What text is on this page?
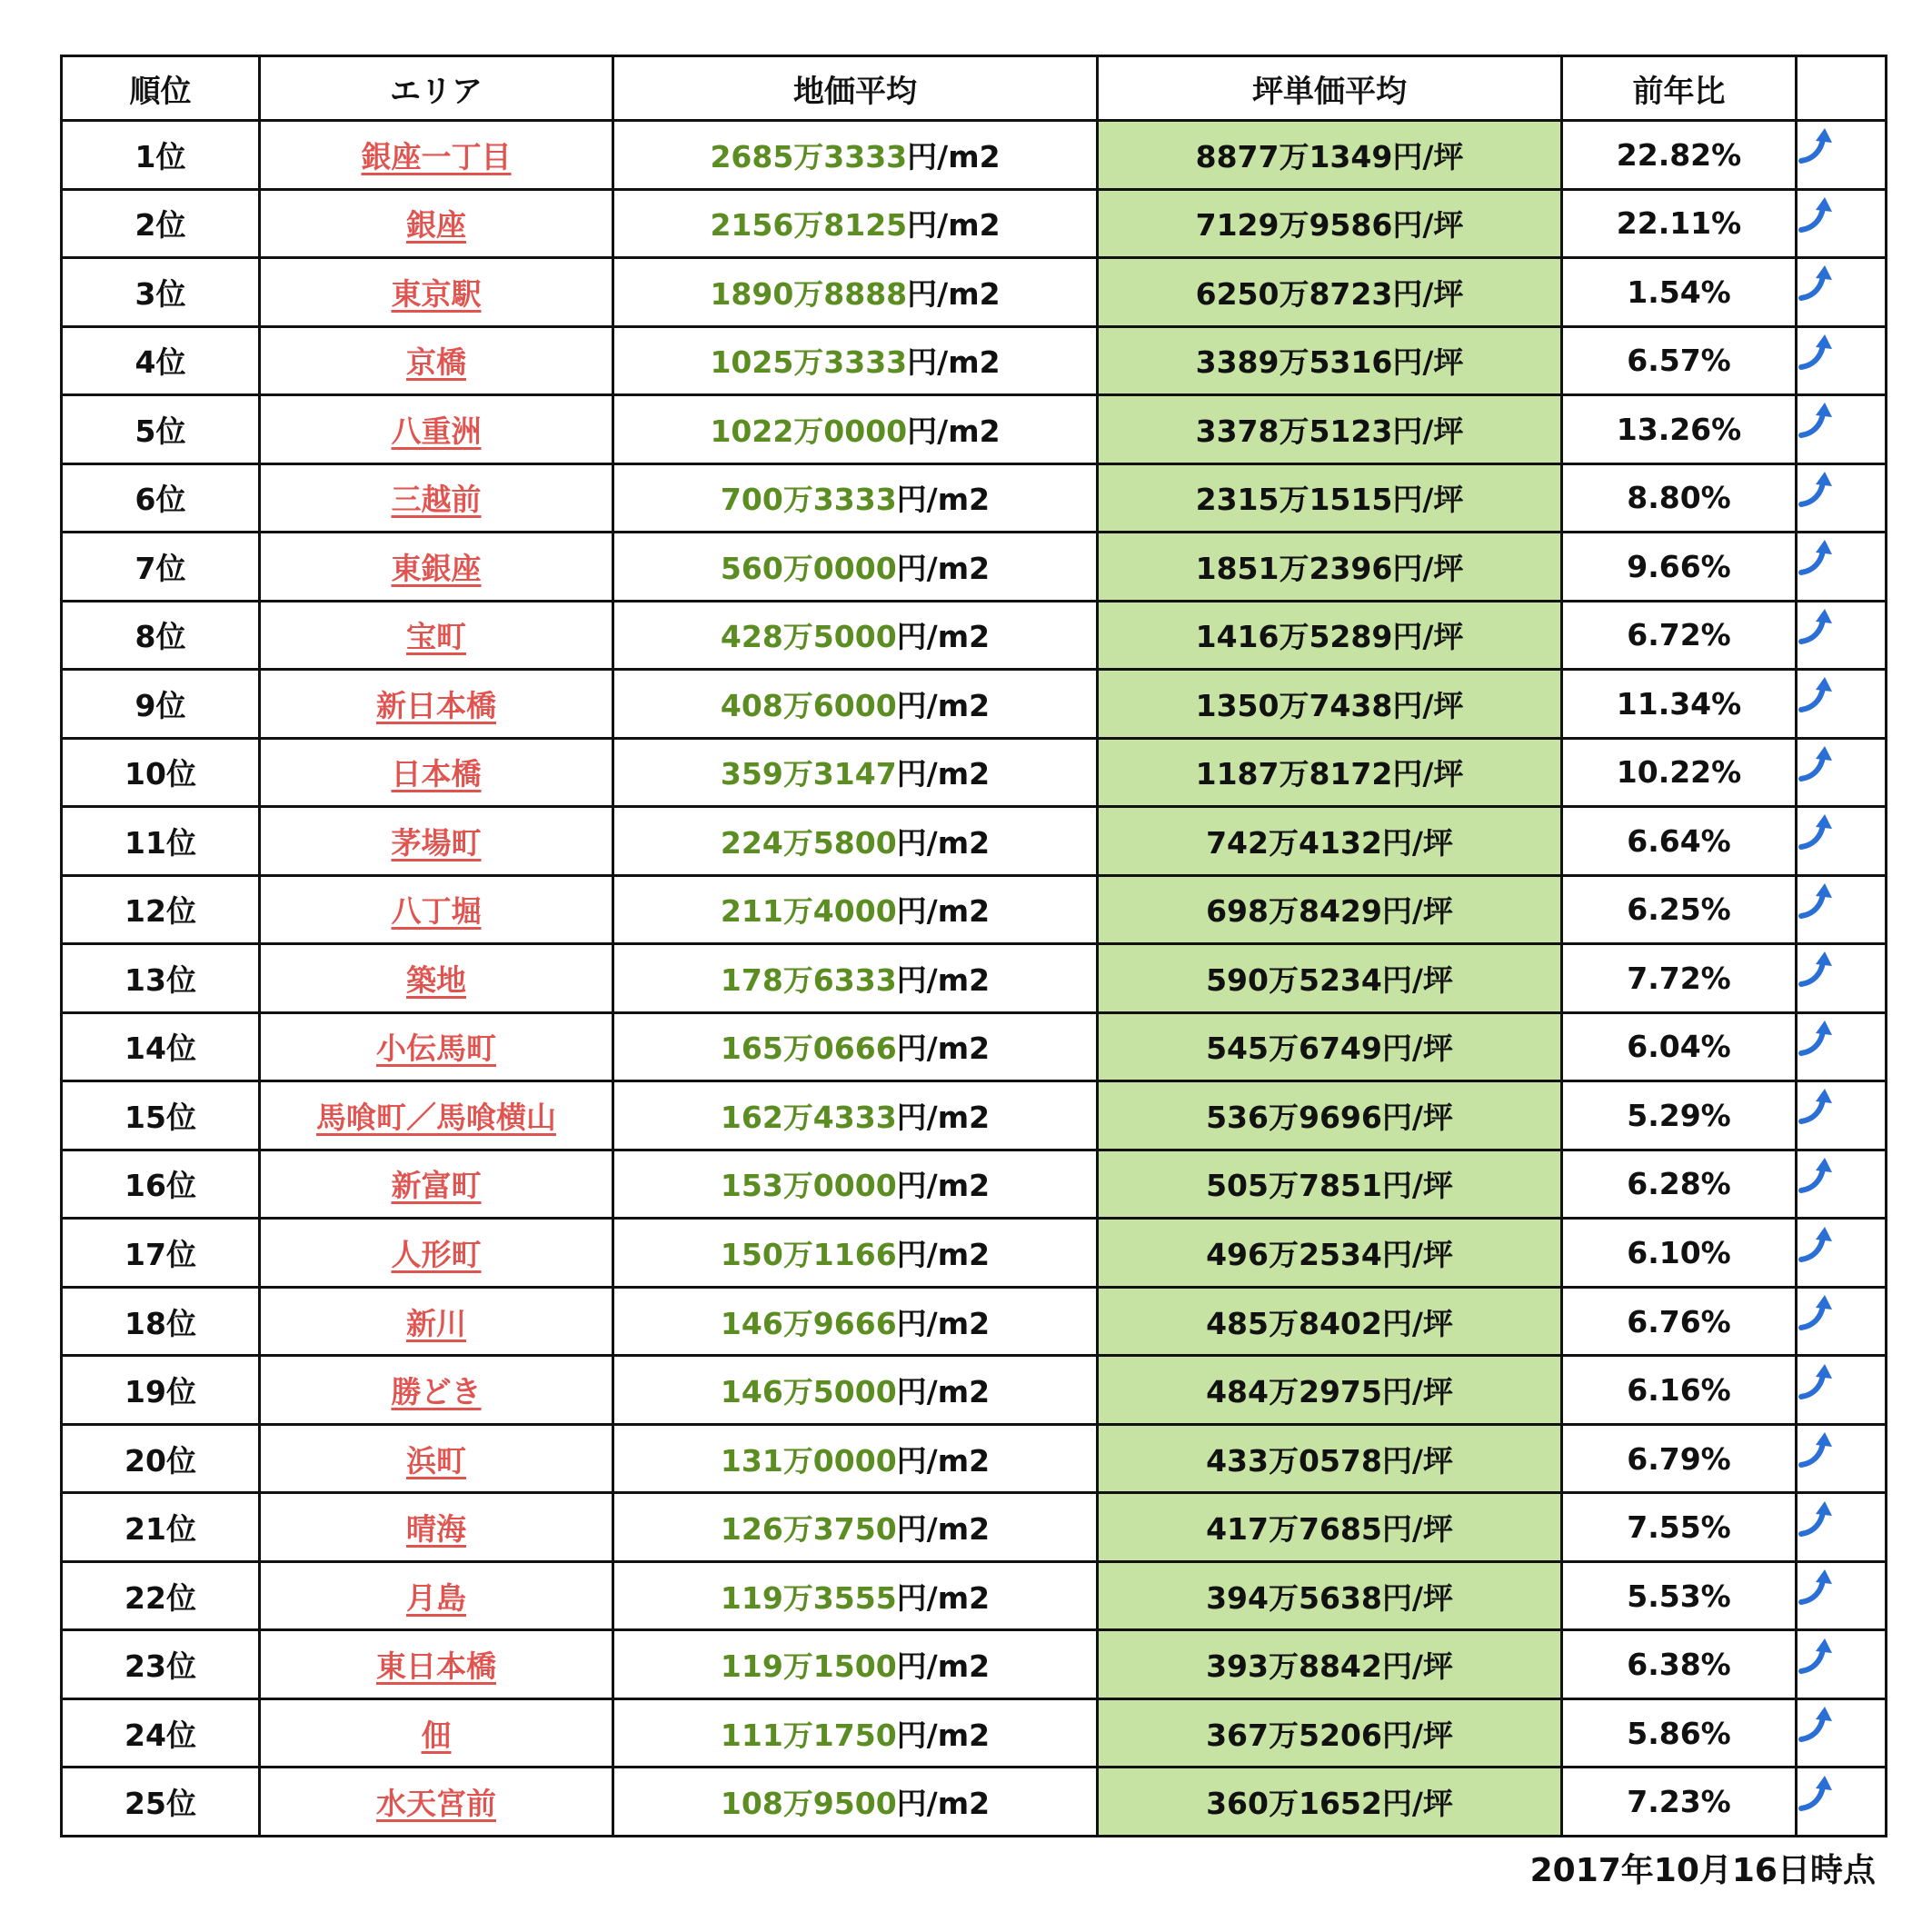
順位	エリア	地価平均	坪単価平均	前年比	
1位	銀座一丁目	2685万3333円/m2	8877万1349円/坪	22.82%	

2位	銀座	2156万8125円/m2	7129万9586円/坪	22.11%	

3位	東京駅	1890万8888円/m2	6250万8723円/坪	1.54%	

4位	京橋	1025万3333円/m2	3389万5316円/坪	6.57%	

5位	八重洲	1022万0000円/m2	3378万5123円/坪	13.26%	

6位	三越前	700万3333円/m2	2315万1515円/坪	8.80%	

7位	東銀座	560万0000円/m2	1851万2396円/坪	9.66%	

8位	宝町	428万5000円/m2	1416万5289円/坪	6.72%	

9位	新日本橋	408万6000円/m2	1350万7438円/坪	11.34%	

10位	日本橋	359万3147円/m2	1187万8172円/坪	10.22%	

11位	茅場町	224万5800円/m2	742万4132円/坪	6.64%	

12位	八丁堀	211万4000円/m2	698万8429円/坪	6.25%	

13位	築地	178万6333円/m2	590万5234円/坪	7.72%	

14位	小伝馬町	165万0666円/m2	545万6749円/坪	6.04%	

15位	馬喰町／馬喰横山	162万4333円/m2	536万9696円/坪	5.29%	

16位	新富町	153万0000円/m2	505万7851円/坪	6.28%	

17位	人形町	150万1166円/m2	496万2534円/坪	6.10%	

18位	新川	146万9666円/m2	485万8402円/坪	6.76%	

19位	勝どき	146万5000円/m2	484万2975円/坪	6.16%	

20位	浜町	131万0000円/m2	433万0578円/坪	6.79%	

21位	晴海	126万3750円/m2	417万7685円/坪	7.55%	

22位	月島	119万3555円/m2	394万5638円/坪	5.53%	

23位	東日本橋	119万1500円/m2	393万8842円/坪	6.38%	

24位	佃	111万1750円/m2	367万5206円/坪	5.86%	

25位	水天宮前	108万9500円/m2	360万1652円/坪	7.23%	
2017年10月16日時点
